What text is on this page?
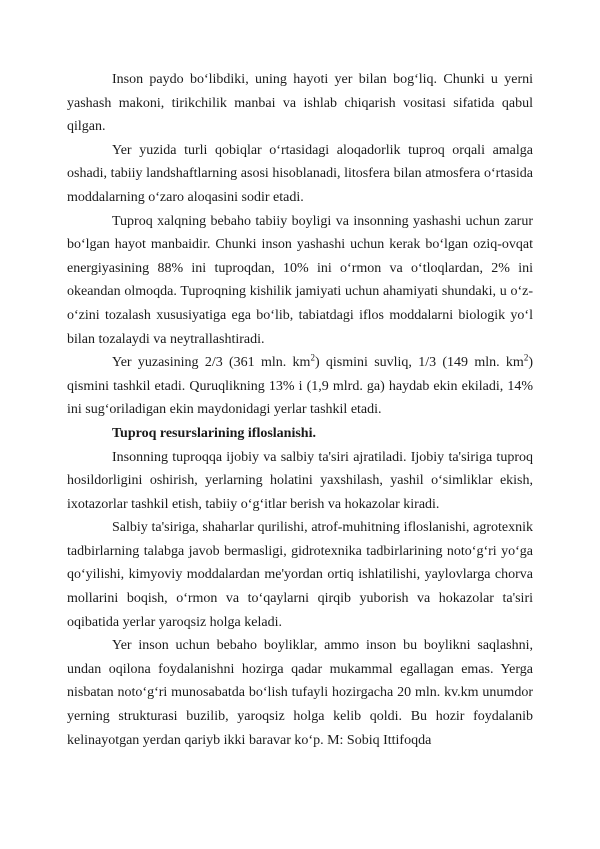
Inson paydo bo‘libdiki, uning hayoti yer bilan bog‘liq. Chunki u yerni yashash makoni, tirikchilik manbai va ishlab chiqarish vositasi sifatida qabul qilgan.

Yer yuzida turli qobiqlar o‘rtasidagi aloqadorlik tuproq orqali amalga oshadi, tabiiy landshaftlarning asosi hisoblanadi, litosfera bilan atmosfera o‘rtasida moddalarning o‘zaro aloqasini sodir etadi.

Tuproq xalqning bebaho tabiiy boyligi va insonning yashashi uchun zarur bo‘lgan hayot manbaidir. Chunki inson yashashi uchun kerak bo‘lgan oziq-ovqat energiyasining 88% ini tuproqdan, 10% ini o‘rmon va o‘tloqlardan, 2% ini okeandan olmoqda. Tuproqning kishilik jamiyati uchun ahamiyati shundaki, u o‘z-o‘zini tozalash xususiyatiga ega bo‘lib, tabiatdagi iflos moddalarni biologik yo‘l bilan tozalaydi va neytrallashtiradi.

Yer yuzasining 2/3 (361 mln. $km^2$) qismini suvliq, 1/3 (149 mln. $km^2$) qismini tashkil etadi. Quruqlikning 13% i (1,9 mlrd. ga) haydab ekin ekiladi, 14% ini sug‘oriladigan ekin maydonidagi yerlar tashkil etadi.

Tuproq resurslarining ifloslanishi.

Insonning tuproqqa ijobiy va salbiy ta'siri ajratiladi. Ijobiy ta'siriga tuproq hosildorligini oshirish, yerlarning holatini yaxshilash, yashil o‘simliklar ekish, ixotazorlar tashkil etish, tabiiy o‘g‘itlar berish va hokazolar kiradi.

Salbiy ta'siriga, shaharlar qurilishi, atrof-muhitning ifloslanishi, agrotexnik tadbirlarning talabga javob bermasligi, gidrotexnika tadbirlarining noto‘g‘ri yo‘ga qo‘yilishi, kimyoviy moddalardan me'yordan ortiq ishlatilishi, yaylovlarga chorva mollarini boqish, o‘rmon va to‘qaylarni qirqib yuborish va hokazolar ta'siri oqibatida yerlar yaroqsiz holga keladi.

Yer inson uchun bebaho boyliklar, ammo inson bu boylikni saqlashni, undan oqilona foydalanishni hozirga qadar mukammal egallagan emas. Yerga nisbatan noto‘g‘ri munosabatda bo‘lish tufayli hozirgacha 20 mln. kv.km unumdor yerning strukturasi buzilib, yaroqsiz holga kelib qoldi. Bu hozir foydalanib kelinayotgan yerdan qariyb ikki baravar ko‘p. M: Sobiq Ittifoqda
